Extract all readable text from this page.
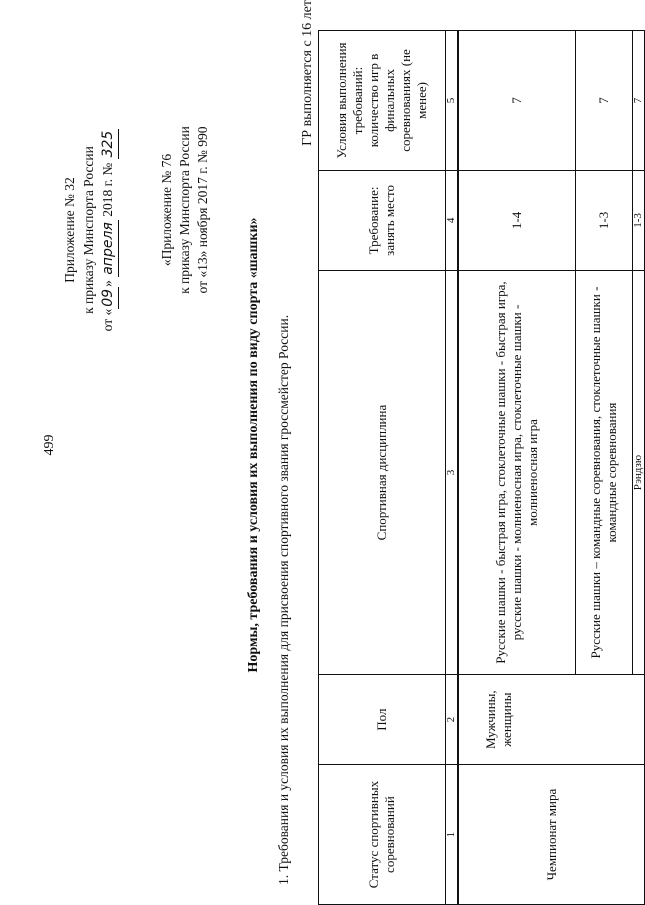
499
Приложение № 32 к приказу Минспорта России
от «09» апреля 2018 г. № 325
«Приложение № 76 к приказу Минспорта России от «13» ноября 2017 г. № 990
Нормы, требования и условия их выполнения по виду спорта «шашки» 1. Требования и условия их выполнения для присвоения спортивного звания гроссмейстер России.
ГР выполняется с 16 лет
Статус спортивных соревнований	Пол	Спортивная дисциплина	Требование: занять место	Условия выполнения требований: количество игр в финальных соревнованиях (не менее)
1	2	3	4	5
Чемпионат мира	Мужчины, женщины	Русские шашки - быстрая игра, стоклеточные шашки - быстрая игра, русские шашки - молниеносная игра, стоклеточные шашки - молниеносная игра	1-4	7
		Русские шашки – командные соревнования, стоклеточные шашки - командные соревнования	1-3	7
		Рэндзю	1-3	7
